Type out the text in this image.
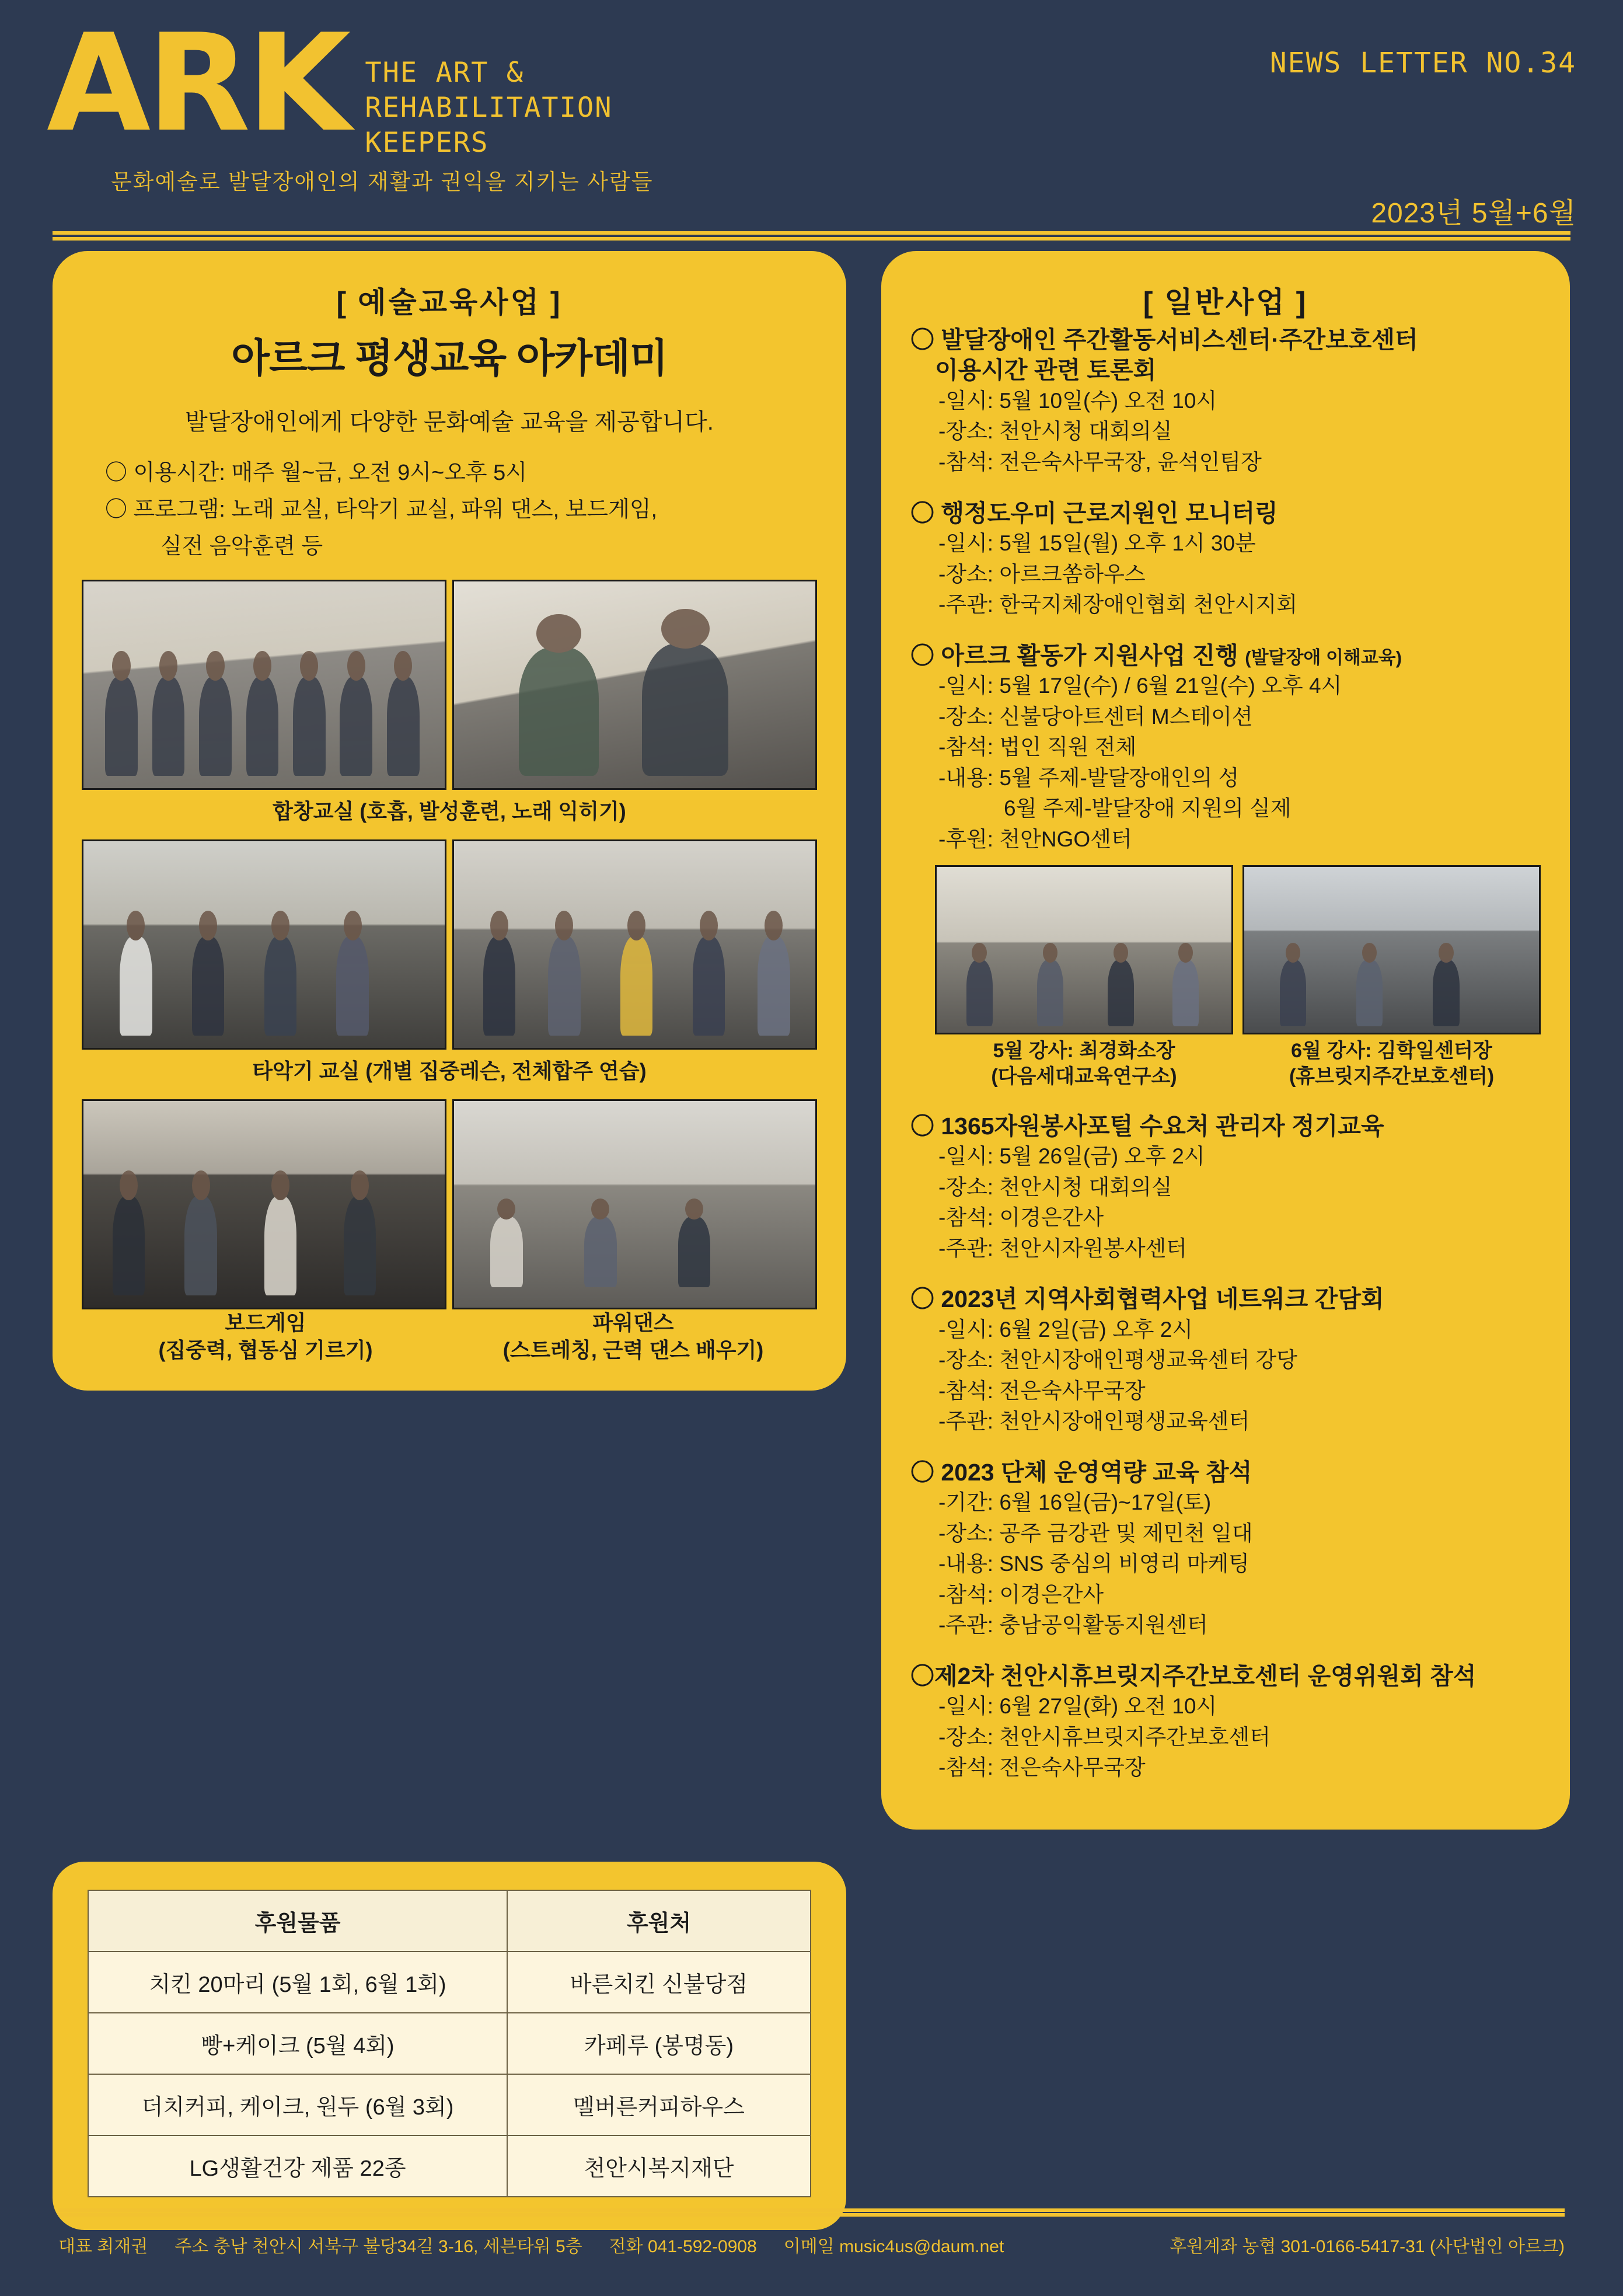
ARK THE ART &
REHABILITATION
KEEPERS
문화예술로 발달장애인의 재활과 권익을 지키는 사람들
NEWS LETTER NO.34
2023년 5월+6월
[ 예술교육사업 ]
아르크 평생교육 아카데미
발달장애인에게 다양한 문화예술 교육을 제공합니다.
〇 이용시간: 매주 월~금, 오전 9시~오후 5시
〇 프로그램: 노래 교실, 타악기 교실, 파워 댄스, 보드게임,
실전 음악훈련 등
합창교실 (호흡, 발성훈련, 노래 익히기)
타악기 교실 (개별 집중레슨, 전체합주 연습)
보드게임
(집중력, 협동심 기르기)
파워댄스
(스트레칭, 근력 댄스 배우기)
[ 일반사업 ]
〇 발달장애인 주간활동서비스센터·주간보호센터
이용시간 관련 토론회
-일시: 5월 10일(수) 오전 10시
-장소: 천안시청 대회의실
-참석: 전은숙사무국장, 윤석인팀장
〇 행정도우미 근로지원인 모니터링
-일시: 5월 15일(월) 오후 1시 30분
-장소: 아르크쏨하우스
-주관: 한국지체장애인협회 천안시지회
〇 아르크 활동가 지원사업 진행 (발달장애 이해교육)
-일시: 5월 17일(수) / 6월 21일(수) 오후 4시
-장소: 신불당아트센터 M스테이션
-참석: 법인 직원 전체
-내용: 5월 주제-발달장애인의 성
6월 주제-발달장애 지원의 실제
-후원: 천안NGO센터
5월 강사: 최경화소장
(다음세대교육연구소)
6월 강사: 김학일센터장
(휴브릿지주간보호센터)
〇 1365자원봉사포털 수요처 관리자 정기교육
-일시: 5월 26일(금) 오후 2시
-장소: 천안시청 대회의실
-참석: 이경은간사
-주관: 천안시자원봉사센터
〇 2023년 지역사회협력사업 네트워크 간담회
-일시: 6월 2일(금) 오후 2시
-장소: 천안시장애인평생교육센터 강당
-참석: 전은숙사무국장
-주관: 천안시장애인평생교육센터
〇 2023 단체 운영역량 교육 참석
-기간: 6월 16일(금)~17일(토)
-장소: 공주 금강관 및 제민천 일대
-내용: SNS 중심의 비영리 마케팅
-참석: 이경은간사
-주관: 충남공익활동지원센터
〇제2차 천안시휴브릿지주간보호센터 운영위원회 참석
-일시: 6월 27일(화) 오전 10시
-장소: 천안시휴브릿지주간보호센터
-참석: 전은숙사무국장
후원물품	후원처
치킨 20마리 (5월 1회, 6월 1회)	바른치킨 신불당점
빵+케이크 (5월 4회)	카페루 (봉명동)
더치커피, 케이크, 원두 (6월 3회)	멜버른커피하우스
LG생활건강 제품 22종	천안시복지재단
대표 최재권 주소 충남 천안시 서북구 불당34길 3-16, 세븐타워 5층 전화 041-592-0908 이메일 music4us@daum.net	후원계좌 농협 301-0166-5417-31 (사단법인 아르크)
